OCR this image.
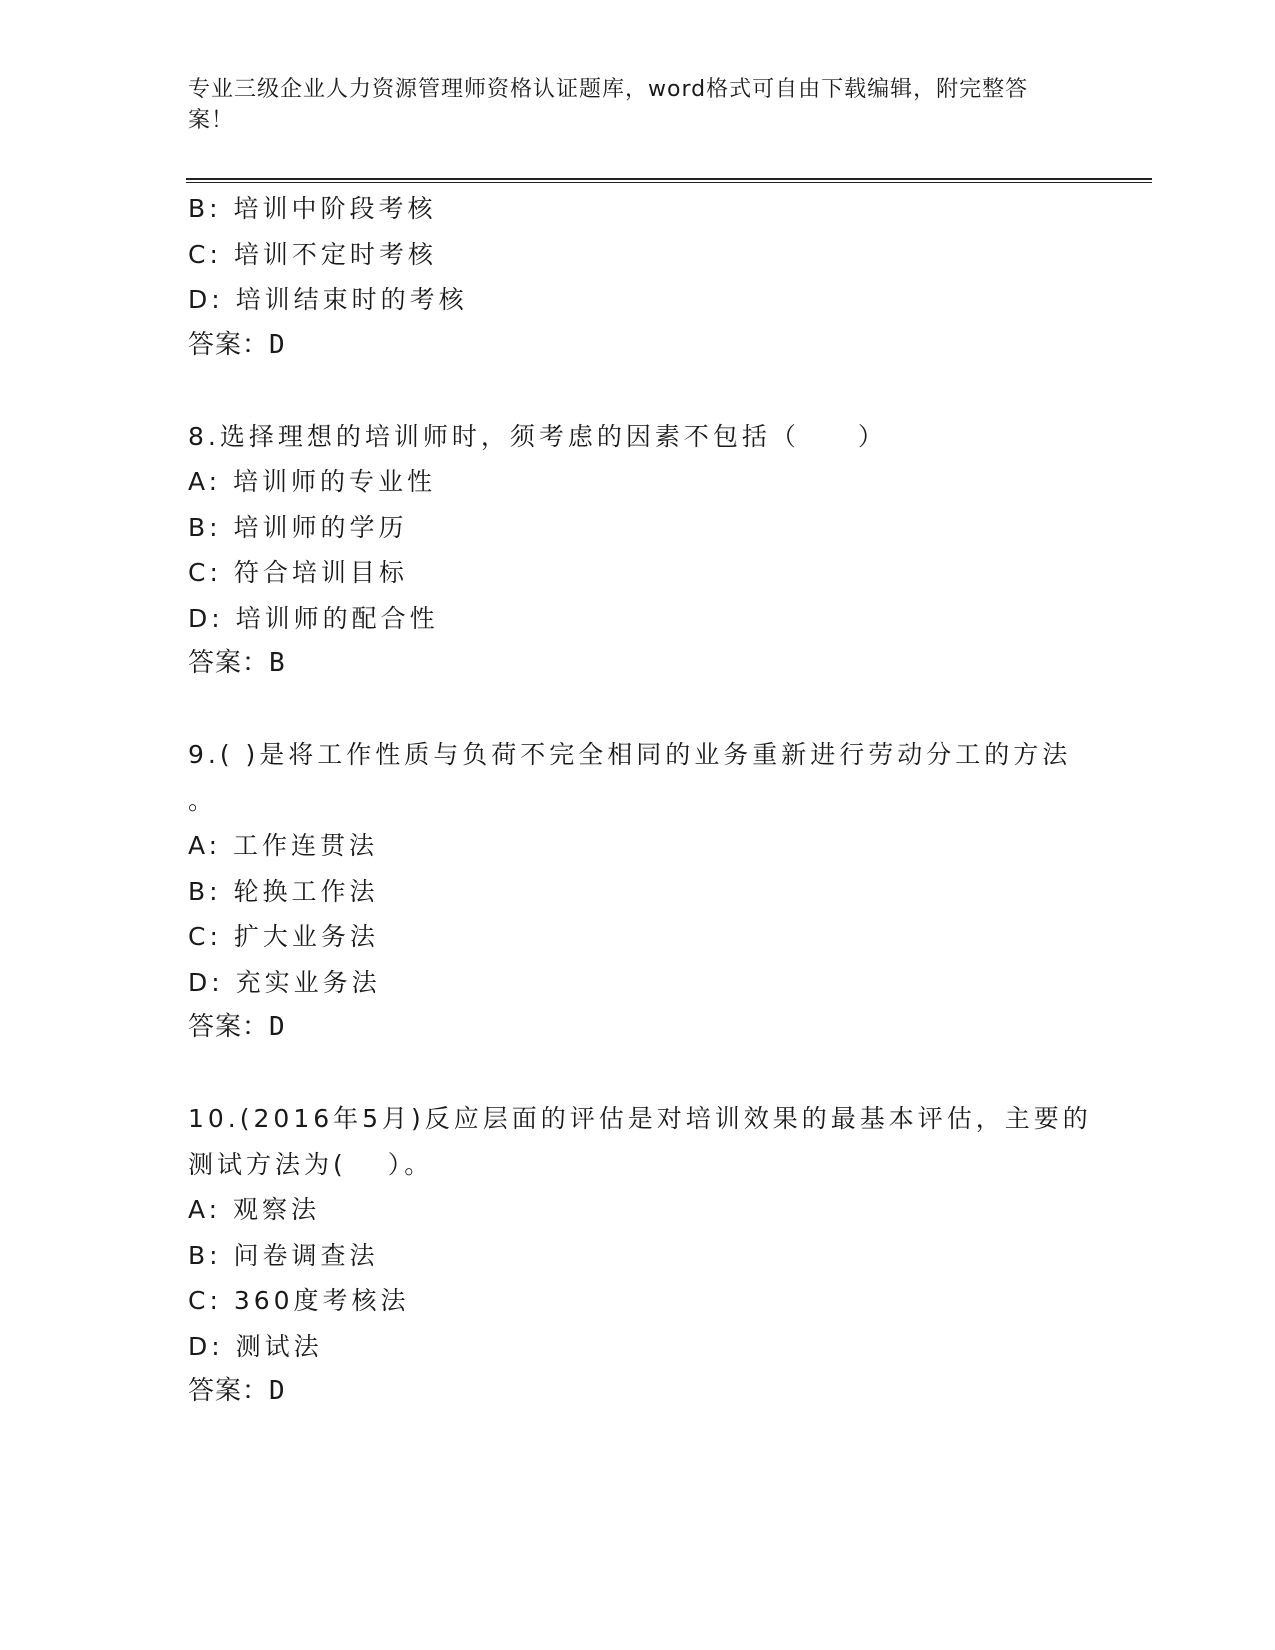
专业三级企业人力资源管理师资格认证题库，word格式可自由下载编辑，附完整答案！
B: 培训中阶段考核
C: 培训不定时考核
D: 培训结束时的考核
答案：D
8.选择理想的培训师时，须考虑的因素不包括（　　）
A: 培训师的专业性
B: 培训师的学历
C: 符合培训目标
D: 培训师的配合性
答案：B
9.( )是将工作性质与负荷不完全相同的业务重新进行劳动分工的方法
。
A: 工作连贯法
B: 轮换工作法
C: 扩大业务法
D: 充实业务法
答案：D
10.(2016年5月)反应层面的评估是对培训效果的最基本评估，主要的
测试方法为(　 ）。
A: 观察法
B: 问卷调查法
C: 360度考核法
D: 测试法
答案：D
